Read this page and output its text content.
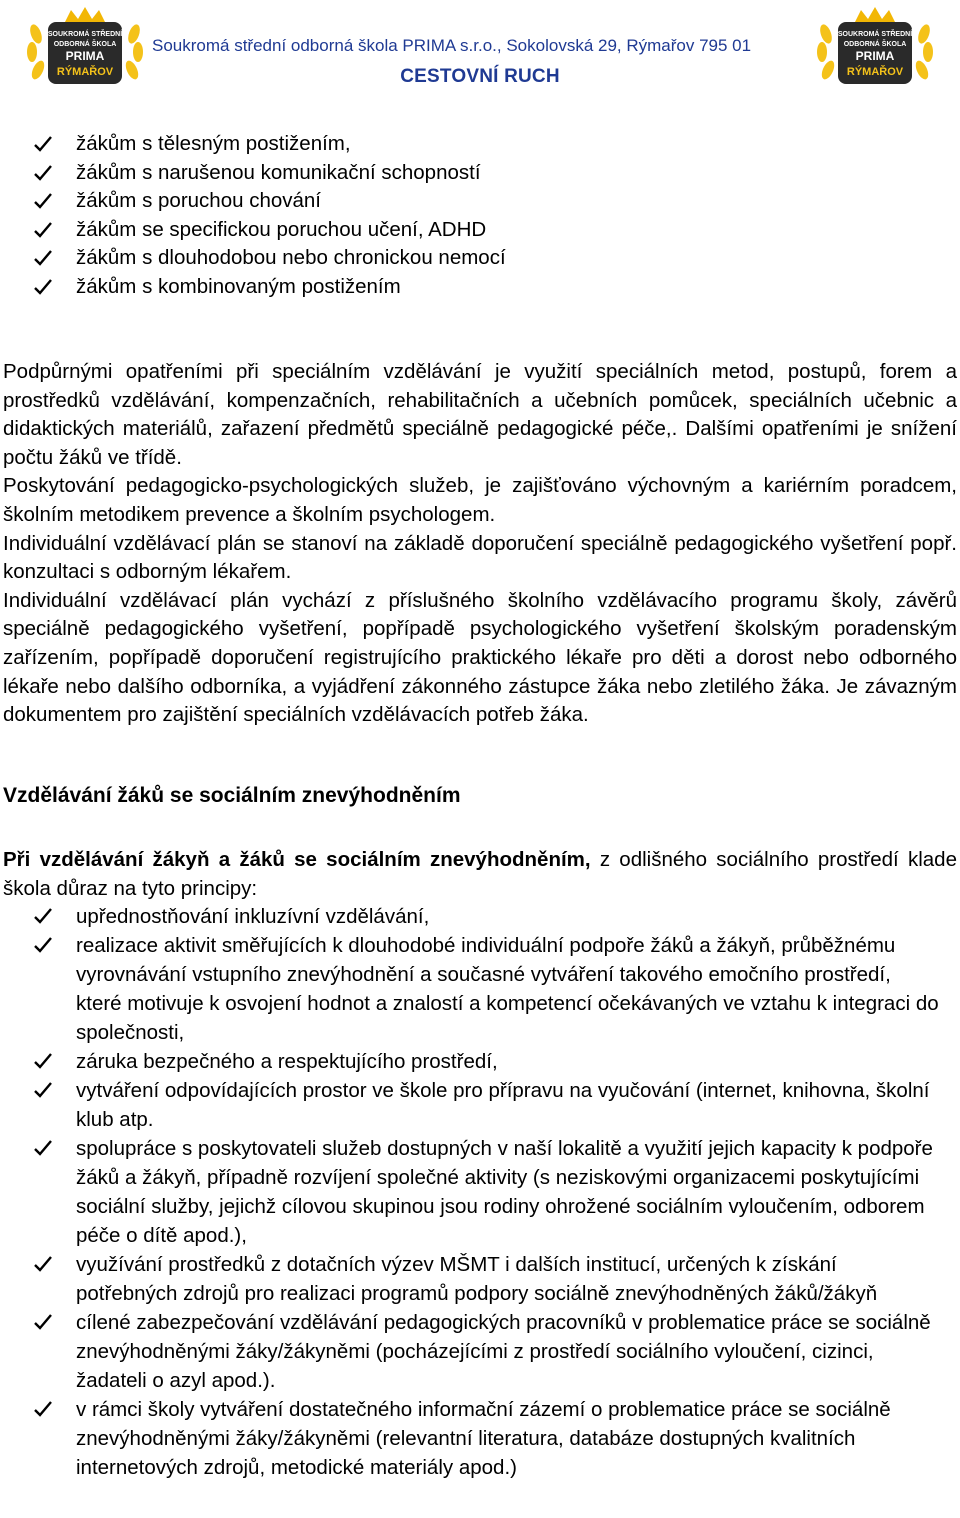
SOUKROMÁ STŘEDNÍ
ODBORNÁ ŠKOLA
PRIMA
RÝMAŘOV
Soukromá střední odborná škola PRIMA s.r.o., Sokolovská 29, Rýmařov 795 01
CESTOVNÍ RUCH
SOUKROMÁ STŘEDNÍ
ODBORNÁ ŠKOLA
PRIMA
RÝMAŘOV
žákům s tělesným postižením,
žákům s narušenou komunikační schopností
žákům s poruchou chování
žákům se specifickou poruchou učení, ADHD
žákům s dlouhodobou nebo chronickou nemocí
žákům s kombinovaným postižením
Podpůrnými opatřeními při speciálním vzdělávání je využití speciálních metod, postupů, forem a prostředků vzdělávání, kompenzačních, rehabilitačních a učebních pomůcek, speciálních učebnic a didaktických materiálů, zařazení předmětů speciálně pedagogické péče,. Dalšími opatřeními je snížení počtu žáků ve třídě.
Poskytování pedagogicko-psychologických služeb, je zajišťováno výchovným a kariérním poradcem, školním metodikem prevence a školním psychologem.
Individuální vzdělávací plán se stanoví na základě doporučení speciálně pedagogického vyšetření popř. konzultaci s odborným lékařem.
Individuální vzdělávací plán vychází z příslušného školního vzdělávacího programu školy, závěrů speciálně pedagogického vyšetření, popřípadě psychologického vyšetření školským poradenským zařízením, popřípadě doporučení registrujícího praktického lékaře pro děti a dorost nebo odborného lékaře nebo dalšího odborníka, a vyjádření zákonného zástupce žáka nebo zletilého žáka. Je závazným dokumentem pro zajištění speciálních vzdělávacích potřeb žáka.
Vzdělávání žáků se sociálním znevýhodněním

Při vzdělávání žákyň a žáků se sociálním znevýhodněním, z odlišného sociálního prostředí klade škola důraz na tyto principy:

upřednostňování inkluzívní vzdělávání,
realizace aktivit směřujících k dlouhodobé individuální podpoře žáků a žákyň, průběžnému vyrovnávání vstupního znevýhodnění a současné vytváření takového emočního prostředí, které motivuje k osvojení hodnot a znalostí a kompetencí očekávaných ve vztahu k integraci do společnosti,
záruka bezpečného a respektujícího prostředí,
vytváření odpovídajících prostor ve škole pro přípravu na vyučování (internet, knihovna, školní klub atp.
spolupráce s poskytovateli služeb dostupných v naší lokalitě a využití jejich kapacity k podpoře žáků a žákyň, případně rozvíjení společné aktivity (s neziskovými organizacemi poskytujícími sociální služby, jejichž cílovou skupinou jsou rodiny ohrožené sociálním vyloučením, odborem péče o dítě apod.),
využívání prostředků z dotačních výzev MŠMT i dalších institucí, určených k získání potřebných zdrojů pro realizaci programů podpory sociálně znevýhodněných žáků/žákyň
cílené zabezpečování vzdělávání pedagogických pracovníků v problematice práce se sociálně znevýhodněnými žáky/žákyněmi (pocházejícími z prostředí sociálního vyloučení, cizinci, žadateli o azyl apod.).
v rámci školy vytváření dostatečného informační zázemí o problematice práce se sociálně znevýhodněnými žáky/žákyněmi (relevantní literatura, databáze dostupných kvalitních internetových zdrojů, metodické materiály apod.)
